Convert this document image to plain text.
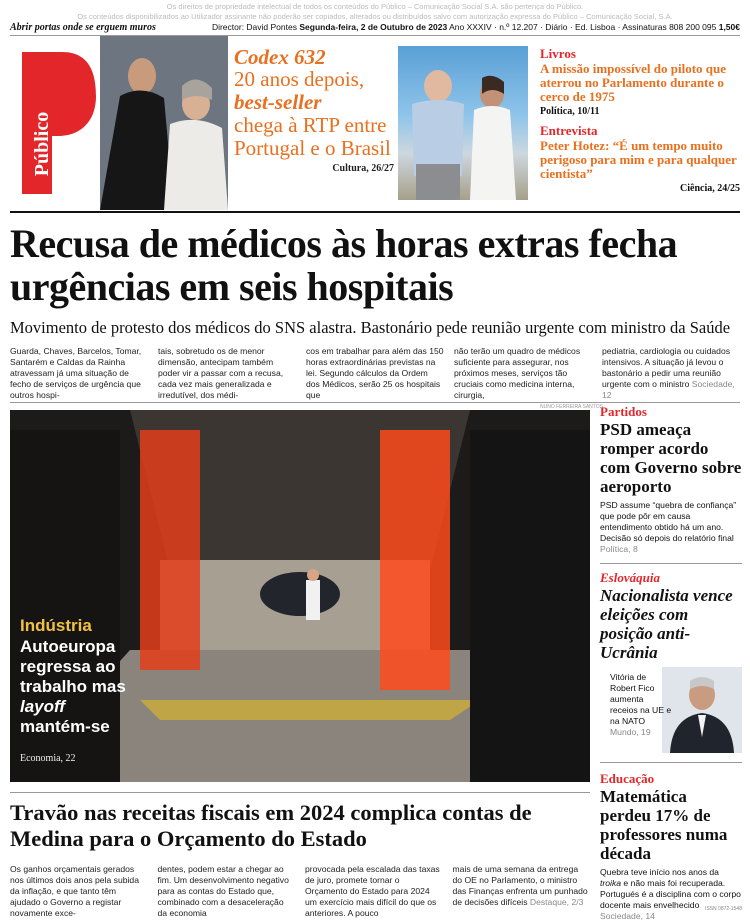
Os direitos de propriedade intelectual de todos os conteúdos do Público – Comunicação Social S.A. são pertença do Público.
Os conteúdos disponibilizados ao Utilizador assinante não poderão ser copiados, alterados ou distribuídos salvo com autorização expressa do Público – Comunicação Social, S.A.
Abrir portas onde se erguem muros	Director: David Pontes Segunda-feira, 2 de Outubro de 2023 Ano XXXIV · n.º 12.207 · Diário · Ed. Lisboa · Assinaturas 808 200 095 1,50€
Público
Codex 632
20 anos depois,
best-seller
chega à RTP entre Portugal e o Brasil
Cultura, 26/27
Livros
A missão impossível do piloto que aterrou no Parlamento durante o cerco de 1975
Política, 10/11
Entrevista
Peter Hotez: “É um tempo muito perigoso para mim e para qualquer cientista”
Ciência, 24/25
Recusa de médicos às horas extras fecha urgências em seis hospitais
Movimento de protesto dos médicos do SNS alastra. Bastonário pede reunião urgente com ministro da Saúde
Guarda, Chaves, Barcelos, Tomar, Santarém e Caldas da Rainha atravessam já uma situação de fecho de serviços de urgência que outros hospi-
tais, sobretudo os de menor dimensão, antecipam também poder vir a passar com a recusa, cada vez mais generalizada e irredutível, dos médi-
cos em trabalhar para além das 150 horas extraordinárias previstas na lei. Segundo cálculos da Ordem dos Médicos, serão 25 os hospitais que
não terão um quadro de médicos suficiente para assegurar, nos próximos meses, serviços tão cruciais como medicina interna, cirurgia,
pediatria, cardiologia ou cuidados intensivos. A situação já levou o bastonário a pedir uma reunião urgente com o ministro Sociedade, 12
NUNO FERREIRA SANTOS
Indústria
Autoeuropa regressa ao trabalho mas layoff mantém-se
Economia, 22
Partidos
PSD ameaça romper acordo com Governo sobre aeroporto
PSD assume “quebra de confiança” que pode pôr em causa entendimento obtido há um ano. Decisão só depois do relatório final Política, 8
Eslováquia
Nacionalista vence eleições com posição anti-Ucrânia
Vitória de Robert Fico aumenta receios na UE e na NATO Mundo, 19
Educação
Matemática perdeu 17% de professores numa década
Quebra teve início nos anos da troika e não mais foi recuperada. Portugués é a disciplina com o corpo docente mais envelhecido Sociedade, 14
Travão nas receitas fiscais em 2024 complica contas de Medina para o Orçamento do Estado
Os ganhos orçamentais gerados nos últimos dois anos pela subida da inflação, e que tanto têm ajudado o Governo a registar novamente exce-
dentes, podem estar a chegar ao fim. Um desenvolvimento negativo para as contas do Estado que, combinado com a desaceleração da economia
provocada pela escalada das taxas de juro, promete tornar o Orçamento do Estado para 2024 um exercício mais difícil do que os anteriores. A pouco
mais de uma semana da entrega do OE no Parlamento, o ministro das Finanças enfrenta um punhado de decisões difíceis Destaque, 2/3
ISSN 0872-1548
